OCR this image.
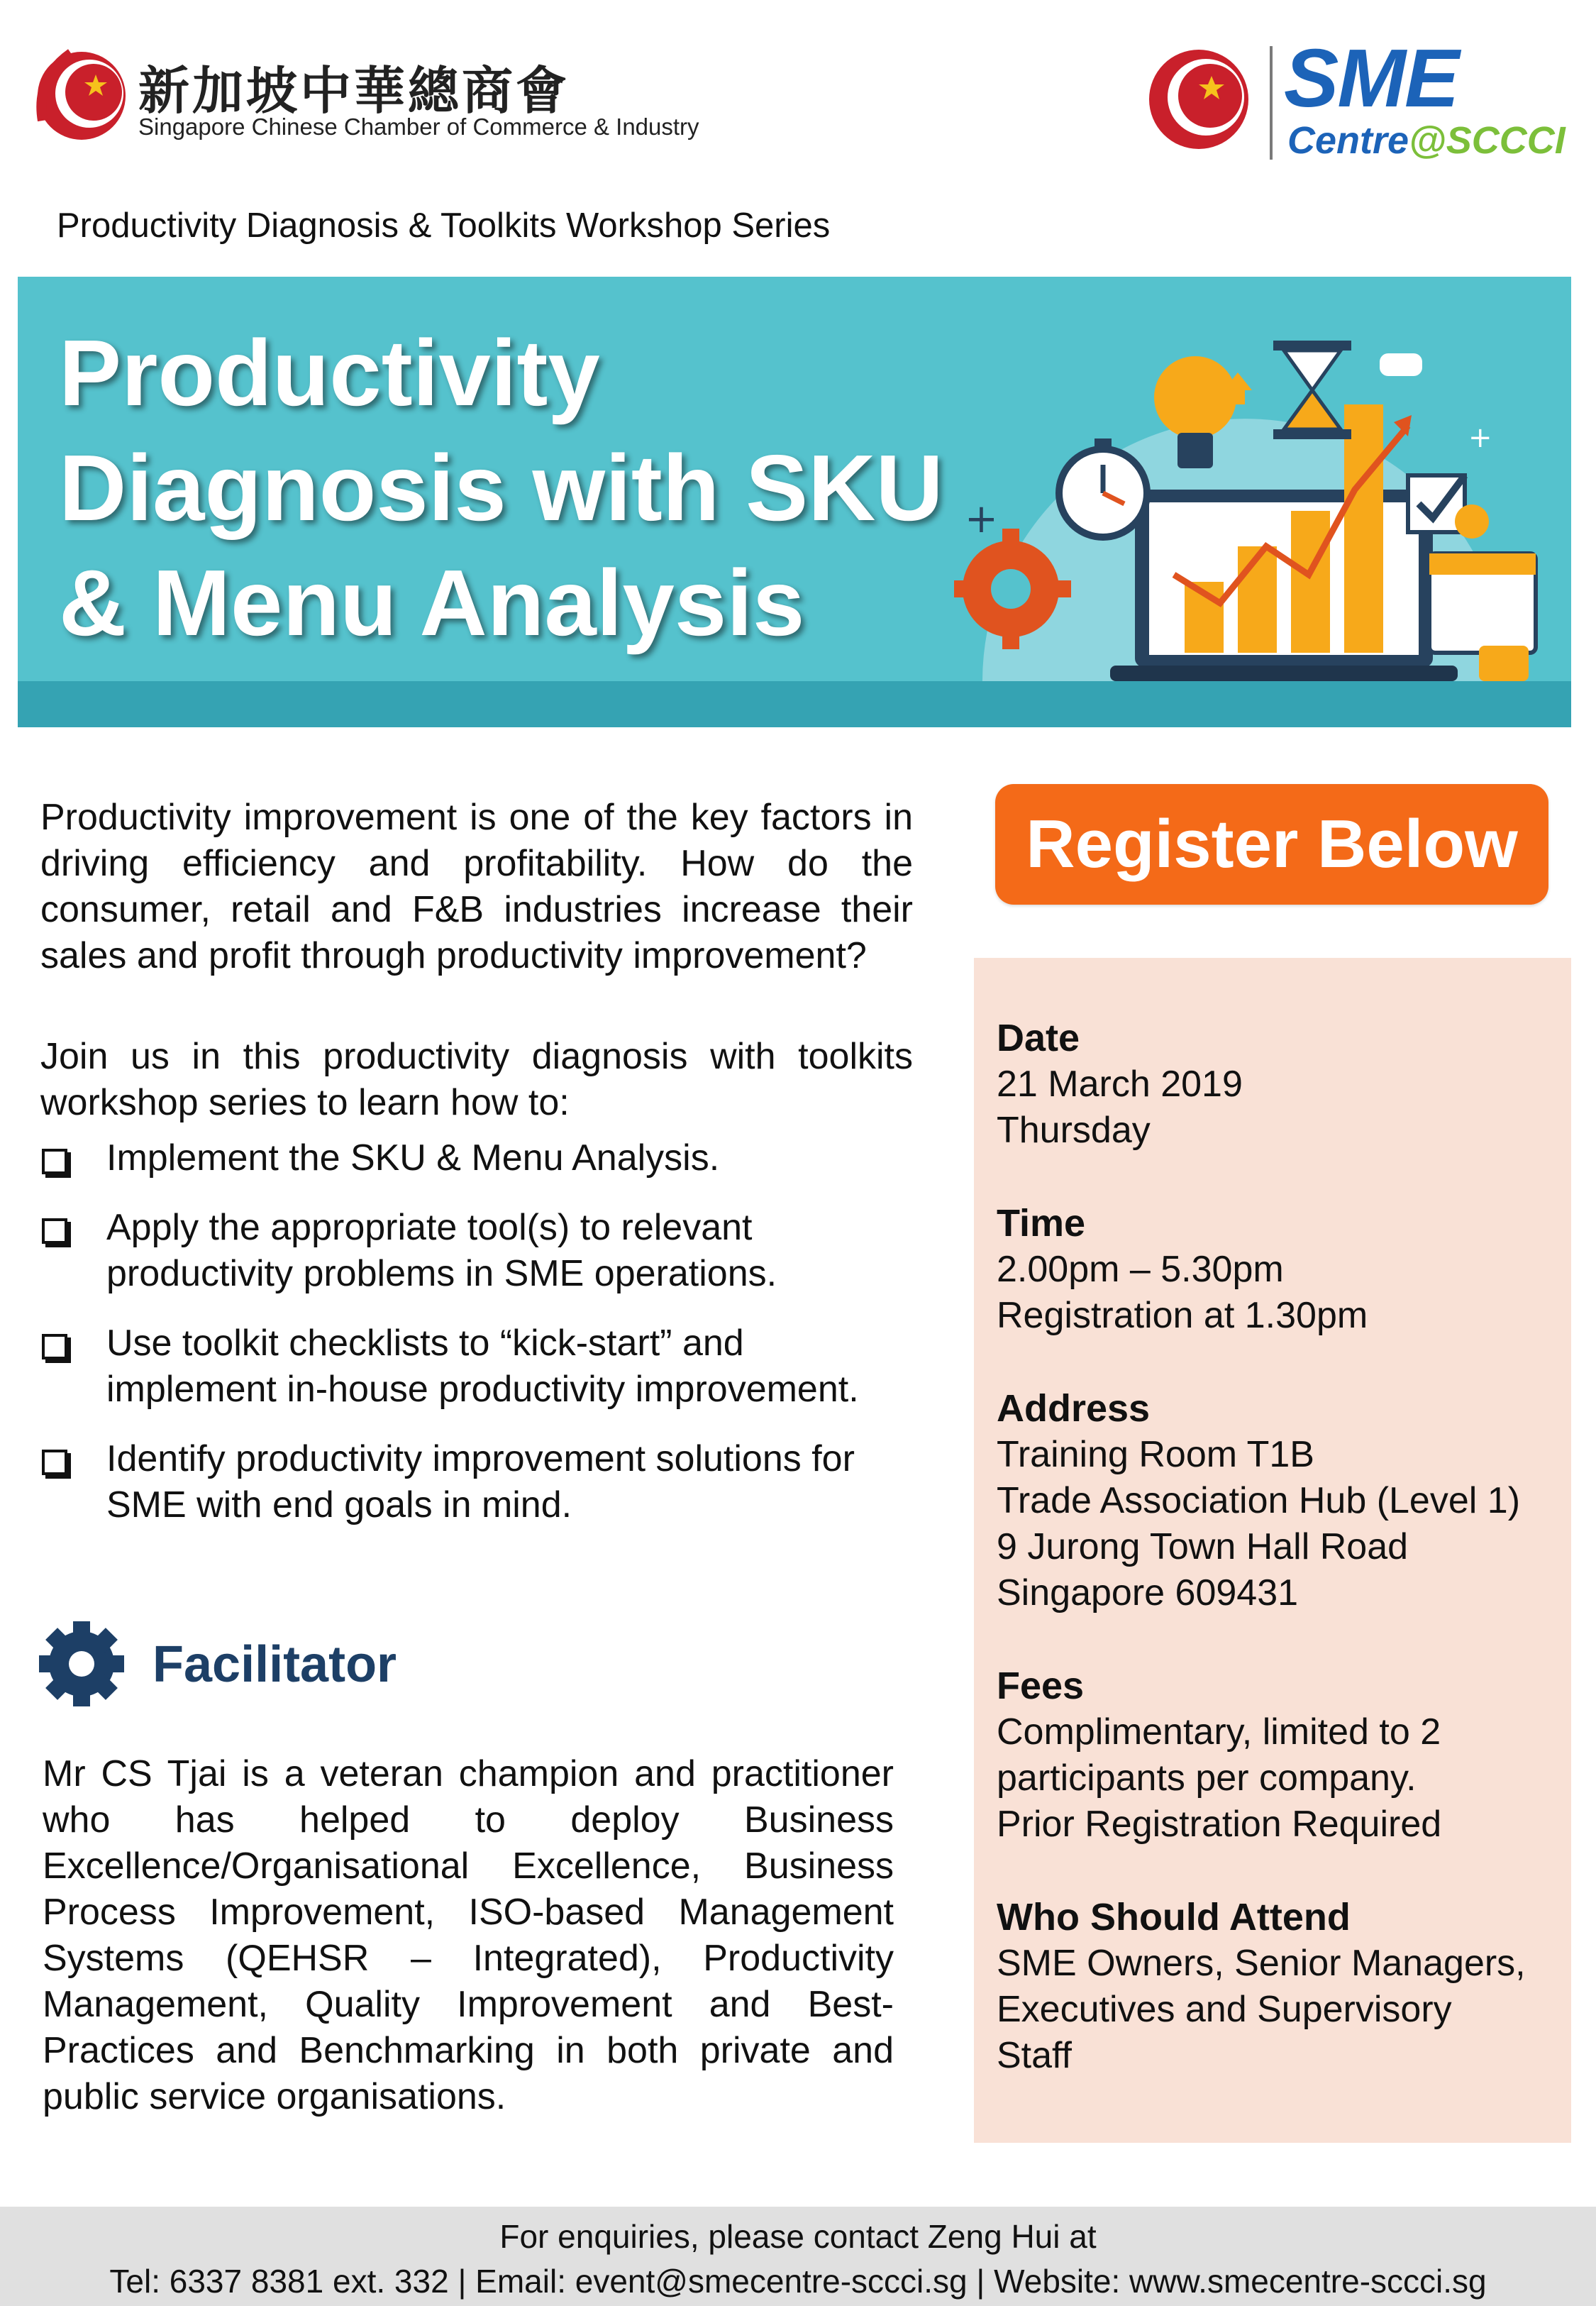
新加坡中華總商會
Singapore Chinese Chamber of Commerce & Industry
SME
Centre@SCCCI
Productivity Diagnosis & Toolkits Workshop Series
Productivity
Diagnosis with SKU
& Menu Analysis
+
+
Productivity improvement is one of the key factors in driving efficiency and profitability. How do the consumer, retail and F&B industries increase their sales and profit through productivity improvement?
Join us in this productivity diagnosis with toolkits workshop series to learn how to:
Implement the SKU & Menu Analysis.
Apply the appropriate tool(s) to relevant productivity problems in SME operations.
Use toolkit checklists to “kick-start” and implement in-house productivity improvement.
Identify productivity improvement solutions for SME with end goals in mind.
Facilitator
Mr CS Tjai is a veteran champion and practitioner who has helped to deploy Business Excellence/Organisational Excellence, Business Process Improvement, ISO-based Management Systems (QEHSR – Integrated), Productivity Management, Quality Improvement and Best-Practices and Benchmarking in both private and public service organisations.
Register Below
Date
21 March 2019
Thursday
Time
2.00pm – 5.30pm
Registration at 1.30pm
Address
Training Room T1B
Trade Association Hub (Level 1)
9 Jurong Town Hall Road
Singapore 609431
Fees
Complimentary, limited to 2
participants per company.
Prior Registration Required
Who Should Attend
SME Owners, Senior Managers,
Executives and Supervisory
Staff
For enquiries, please contact Zeng Hui at
Tel: 6337 8381 ext. 332 | Email: event@smecentre-sccci.sg | Website: www.smecentre-sccci.sg
